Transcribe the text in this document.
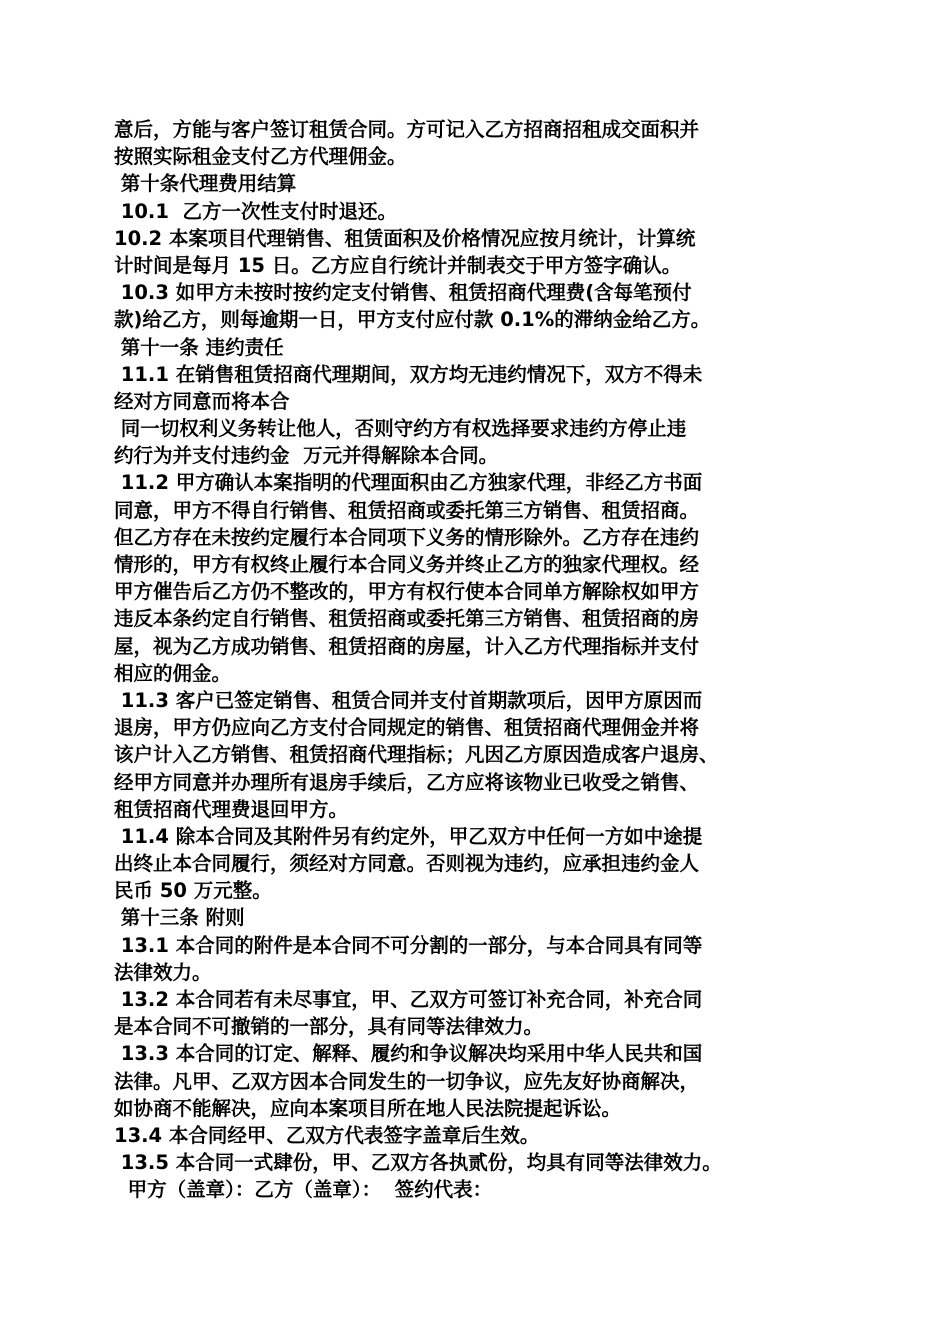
意后，方能与客户签订租赁合同。方可记入乙方招商招租成交面积并
按照实际租金支付乙方代理佣金。
第十条代理费用结算
10.1  乙方一次性支付时退还。
10.2 本案项目代理销售、租赁面积及价格情况应按月统计，计算统
计时间是每月 15 日。乙方应自行统计并制表交于甲方签字确认。
10.3 如甲方未按时按约定支付销售、租赁招商代理费(含每笔预付
款)给乙方，则每逾期一日，甲方支付应付款 0.1%的滞纳金给乙方。
第十一条 违约责任
11.1 在销售租赁招商代理期间，双方均无违约情况下，双方不得未
经对方同意而将本合
同一切权利义务转让他人，否则守约方有权选择要求违约方停止违
约行为并支付违约金  万元并得解除本合同。
11.2 甲方确认本案指明的代理面积由乙方独家代理，非经乙方书面
同意，甲方不得自行销售、租赁招商或委托第三方销售、租赁招商。
但乙方存在未按约定履行本合同项下义务的情形除外。乙方存在违约
情形的，甲方有权终止履行本合同义务并终止乙方的独家代理权。经
甲方催告后乙方仍不整改的，甲方有权行使本合同单方解除权如甲方
违反本条约定自行销售、租赁招商或委托第三方销售、租赁招商的房
屋，视为乙方成功销售、租赁招商的房屋，计入乙方代理指标并支付
相应的佣金。
11.3 客户已签定销售、租赁合同并支付首期款项后，因甲方原因而
退房，甲方仍应向乙方支付合同规定的销售、租赁招商代理佣金并将
该户计入乙方销售、租赁招商代理指标；凡因乙方原因造成客户退房、
经甲方同意并办理所有退房手续后，乙方应将该物业已收受之销售、
租赁招商代理费退回甲方。
11.4 除本合同及其附件另有约定外，甲乙双方中任何一方如中途提
出终止本合同履行，须经对方同意。否则视为违约，应承担违约金人
民币 50 万元整。
第十三条 附则
13.1 本合同的附件是本合同不可分割的一部分，与本合同具有同等
法律效力。
13.2 本合同若有未尽事宜，甲、乙双方可签订补充合同，补充合同
是本合同不可撤销的一部分，具有同等法律效力。
13.3 本合同的订定、解释、履约和争议解决均采用中华人民共和国
法律。凡甲、乙双方因本合同发生的一切争议，应先友好协商解决，
如协商不能解决，应向本案项目所在地人民法院提起诉讼。
13.4 本合同经甲、乙双方代表签字盖章后生效。
13.5 本合同一式肆份，甲、乙双方各执贰份，均具有同等法律效力。
甲方（盖章）：乙方（盖章）：  签约代表：
